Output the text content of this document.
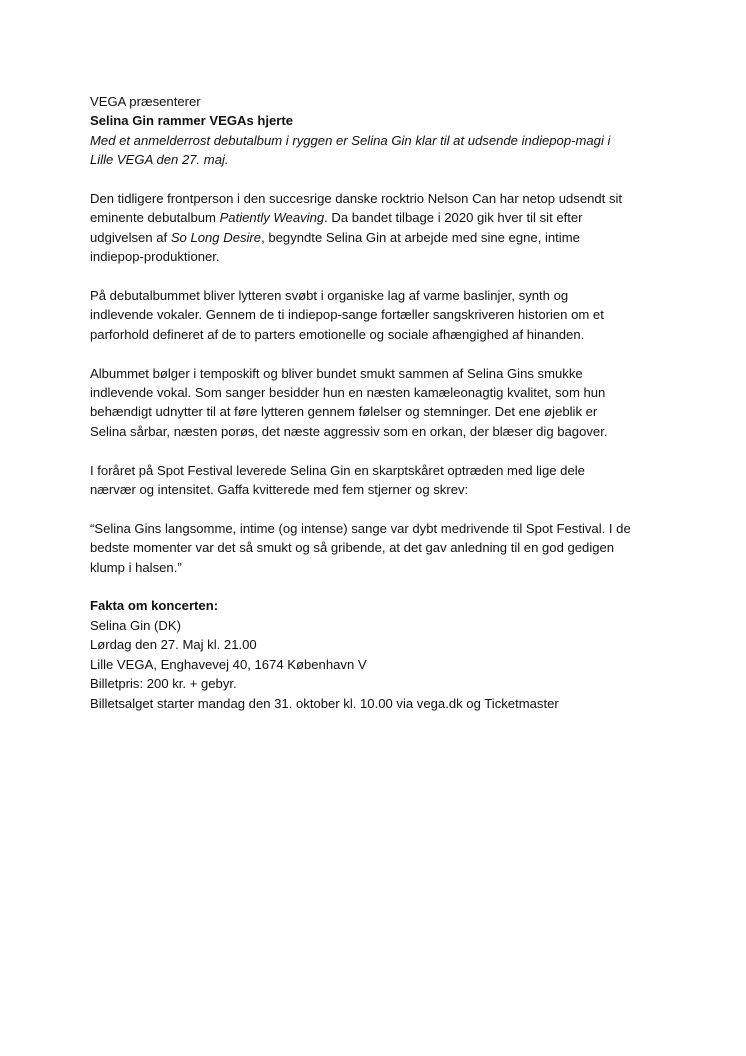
VEGA præsenterer
Selina Gin rammer VEGAs hjerte
Med et anmelderrost debutalbum i ryggen er Selina Gin klar til at udsende indiepop-magi i
Lille VEGA den 27. maj.
Den tidligere frontperson i den succesrige danske rocktrio Nelson Can har netop udsendt sit
eminente debutalbum Patiently Weaving. Da bandet tilbage i 2020 gik hver til sit efter
udgivelsen af So Long Desire, begyndte Selina Gin at arbejde med sine egne, intime
indiepop-produktioner.
På debutalbummet bliver lytteren svøbt i organiske lag af varme baslinjer, synth og
indlevende vokaler. Gennem de ti indiepop-sange fortæller sangskriveren historien om et
parforhold defineret af de to parters emotionelle og sociale afhængighed af hinanden.
Albummet bølger i temposkift og bliver bundet smukt sammen af Selina Gins smukke
indlevende vokal. Som sanger besidder hun en næsten kamæleonagtig kvalitet, som hun
behændigt udnytter til at føre lytteren gennem følelser og stemninger. Det ene øjeblik er
Selina sårbar, næsten porøs, det næste aggressiv som en orkan, der blæser dig bagover.
I foråret på Spot Festival leverede Selina Gin en skarptskåret optræden med lige dele
nærvær og intensitet. Gaffa kvitterede med fem stjerner og skrev:
“Selina Gins langsomme, intime (og intense) sange var dybt medrivende til Spot Festival. I de
bedste momenter var det så smukt og så gribende, at det gav anledning til en god gedigen
klump i halsen.”
Fakta om koncerten:
Selina Gin (DK)
Lørdag den 27. Maj kl. 21.00
Lille VEGA, Enghavevej 40, 1674 København V
Billetpris: 200 kr. + gebyr.
Billetsalget starter mandag den 31. oktober kl. 10.00 via vega.dk og Ticketmaster
